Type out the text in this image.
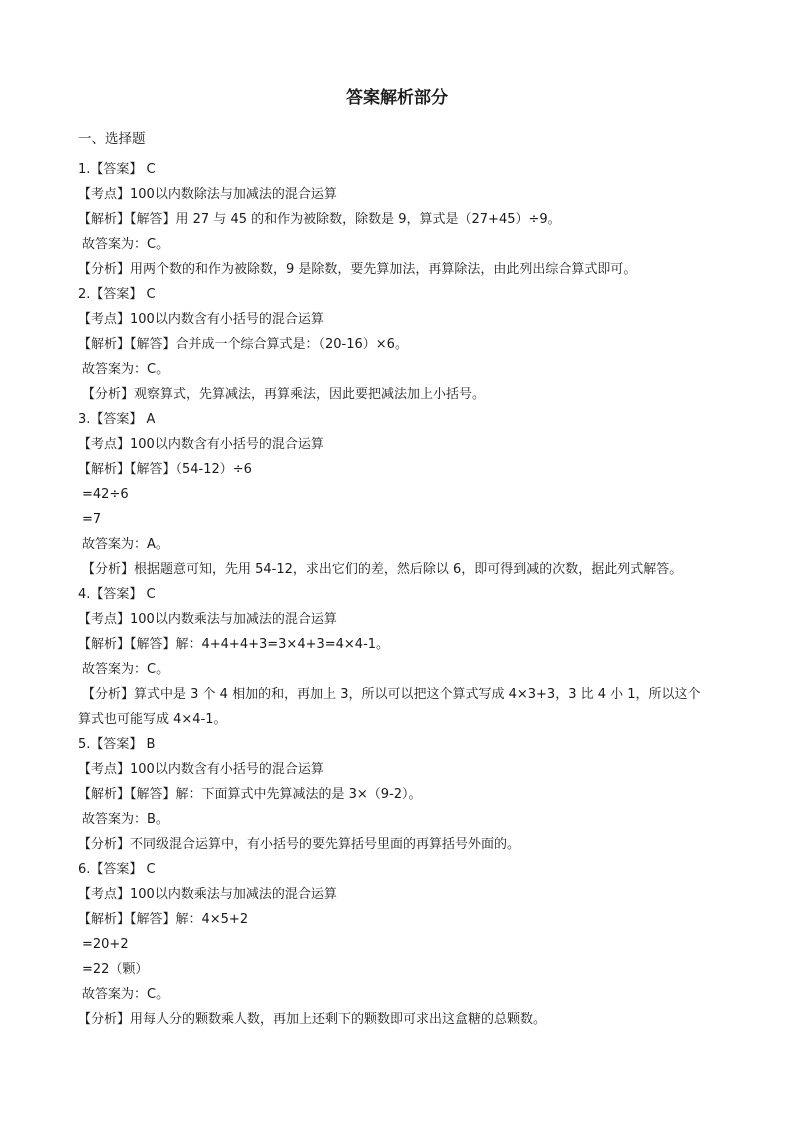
答案解析部分
一、选择题
1.【答案】 C
【考点】100以内数除法与加减法的混合运算
【解析】【解答】用 27 与 45 的和作为被除数，除数是 9，算式是（27+45）÷9。
故答案为：C。
【分析】用两个数的和作为被除数，9 是除数，要先算加法，再算除法，由此列出综合算式即可。
2.【答案】 C
【考点】100以内数含有小括号的混合运算
【解析】【解答】合并成一个综合算式是：（20-16）×6。
故答案为：C。
【分析】观察算式，先算减法，再算乘法，因此要把减法加上小括号。
3.【答案】 A
【考点】100以内数含有小括号的混合运算
【解析】【解答】（54-12）÷6
=42÷6
=7
故答案为：A。
【分析】根据题意可知，先用 54-12，求出它们的差，然后除以 6，即可得到减的次数，据此列式解答。
4.【答案】 C
【考点】100以内数乘法与加减法的混合运算
【解析】【解答】解：4+4+4+3=3×4+3=4×4-1。
故答案为：C。
【分析】算式中是 3 个 4 相加的和，再加上 3，所以可以把这个算式写成 4×3+3，3 比 4 小 1，所以这个
算式也可能写成 4×4-1。
5.【答案】 B
【考点】100以内数含有小括号的混合运算
【解析】【解答】解：下面算式中先算减法的是 3×（9-2）。
故答案为：B。
【分析】不同级混合运算中，有小括号的要先算括号里面的再算括号外面的。
6.【答案】 C
【考点】100以内数乘法与加减法的混合运算
【解析】【解答】解：4×5+2
=20+2
=22（颗）
故答案为：C。
【分析】用每人分的颗数乘人数，再加上还剩下的颗数即可求出这盒糖的总颗数。
